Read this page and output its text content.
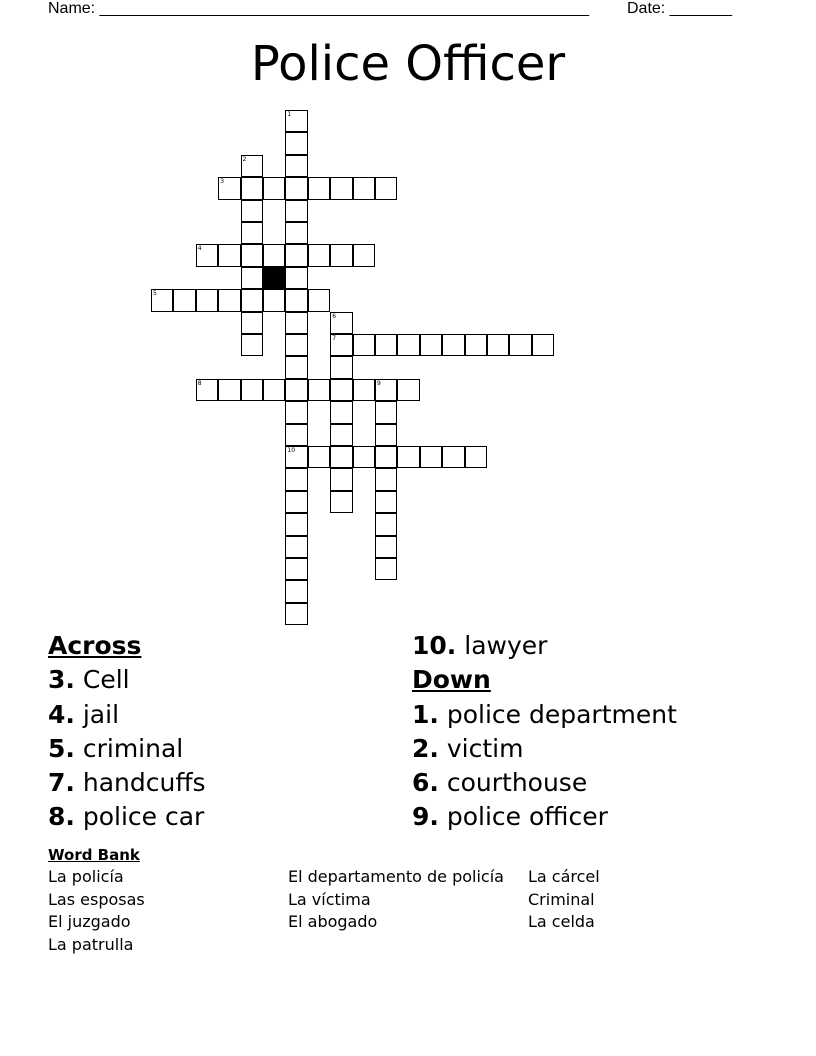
Name: _______________________________________________________ Date: _______
Police Officer
1
10
2
3
4
5
6
7
8	9
Across
3. Cell
4. jail
5. criminal
7. handcuffs
8. police car
10. lawyer
Down
1. police department
2. victim
6. courthouse
9. police officer
Word Bank
La policía
Las esposas
El juzgado
La patrulla
El departamento de policía
La víctima
El abogado
La cárcel
Criminal
La celda
